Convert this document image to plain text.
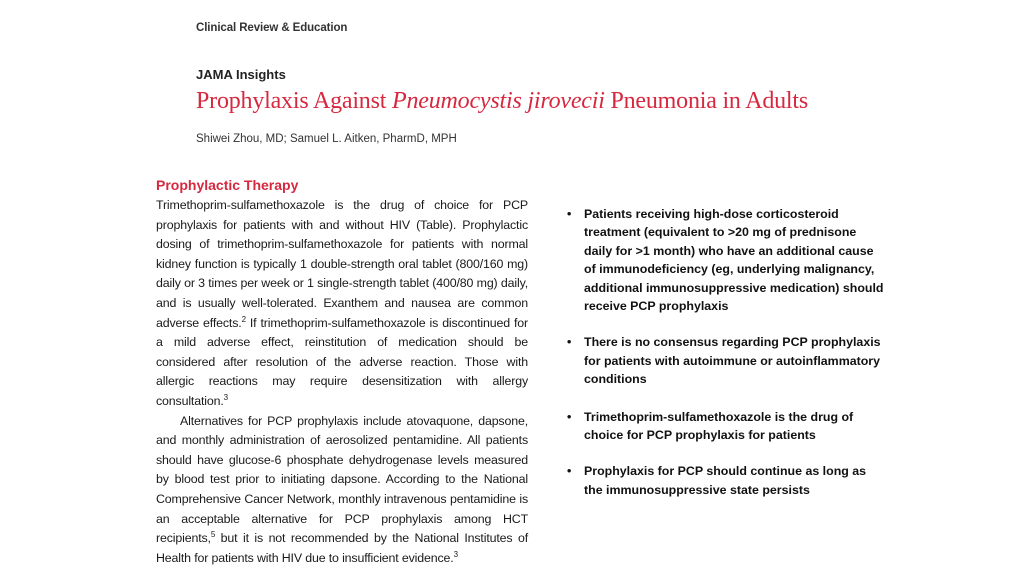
Clinical Review & Education
JAMA Insights
Prophylaxis Against Pneumocystis jirovecii Pneumonia in Adults
Shiwei Zhou, MD; Samuel L. Aitken, PharmD, MPH
Prophylactic Therapy

Trimethoprim-sulfamethoxazole is the drug of choice for PCP prophylaxis for patients with and without HIV (Table). Prophylactic dosing of trimethoprim-sulfamethoxazole for patients with normal kidney function is typically 1 double-strength oral tablet (800/160 mg) daily or 3 times per week or 1 single-strength tablet (400/80 mg) daily, and is usually well-tolerated. Exanthem and nausea are common adverse effects.$^2$ If trimethoprim-sulfamethoxazole is discontinued for a mild adverse effect, reinstitution of medication should be considered after resolution of the adverse reaction. Those with allergic reactions may require desensitization with allergy consultation.$^3$

Alternatives for PCP prophylaxis include atovaquone, dapsone, and monthly administration of aerosolized pentamidine. All patients should have glucose-6 phosphate dehydrogenase levels measured by blood test prior to initiating dapsone. According to the National Comprehensive Cancer Network, monthly intravenous pentamidine is an acceptable alternative for PCP prophylaxis among HCT recipients,$^5$ but it is not recommended by the National Institutes of Health for patients with HIV due to insufficient evidence.$^3$

• Patients receiving high-dose corticosteroid treatment (equivalent to >20 mg of prednisone daily for >1 month) who have an additional cause of immunodeficiency (eg, underlying malignancy, additional immunosuppressive medication) should receive PCP prophylaxis
• There is no consensus regarding PCP prophylaxis for patients with autoimmune or autoinflammatory conditions
• Trimethoprim-sulfamethoxazole is the drug of choice for PCP prophylaxis for patients
• Prophylaxis for PCP should continue as long as the immunosuppressive state persists
